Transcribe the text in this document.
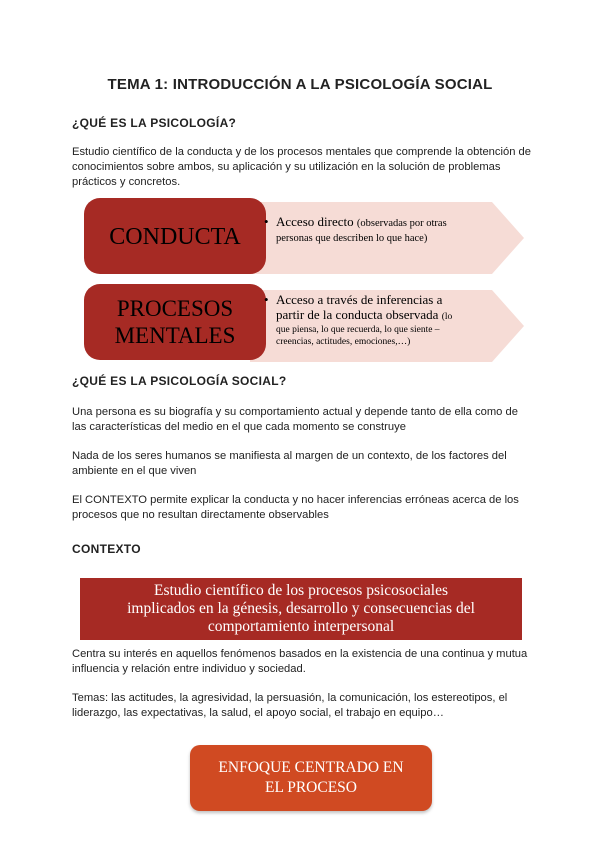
TEMA 1: INTRODUCCIÓN A LA PSICOLOGÍA SOCIAL
¿QUÉ ES LA PSICOLOGÍA?
Estudio científico de la conducta y de los procesos mentales que comprende la obtención de
conocimientos sobre ambos, su aplicación y su utilización en la solución de problemas
prácticos y concretos.
CONDUCTA
• Acceso directo (observadas por otras
personas que describen lo que hace)
PROCESOS
MENTALES
• Acceso a través de inferencias a
partir de la conducta observada (lo
que piensa, lo que recuerda, lo que siente –
creencias, actitudes, emociones,…)
¿QUÉ ES LA PSICOLOGÍA SOCIAL?
Una persona es su biografía y su comportamiento actual y depende tanto de ella como de
las características del medio en el que cada momento se construye
Nada de los seres humanos se manifiesta al margen de un contexto, de los factores del
ambiente en el que viven
El CONTEXTO permite explicar la conducta y no hacer inferencias erróneas acerca de los
procesos que no resultan directamente observables
CONTEXTO
Estudio científico de los procesos psicosociales
implicados en la génesis, desarrollo y consecuencias del
comportamiento interpersonal
Centra su interés en aquellos fenómenos basados en la existencia de una continua y mutua
influencia y relación entre individuo y sociedad.
Temas: las actitudes, la agresividad, la persuasión, la comunicación, los estereotipos, el
liderazgo, las expectativas, la salud, el apoyo social, el trabajo en equipo…
ENFOQUE CENTRADO EN
EL PROCESO
